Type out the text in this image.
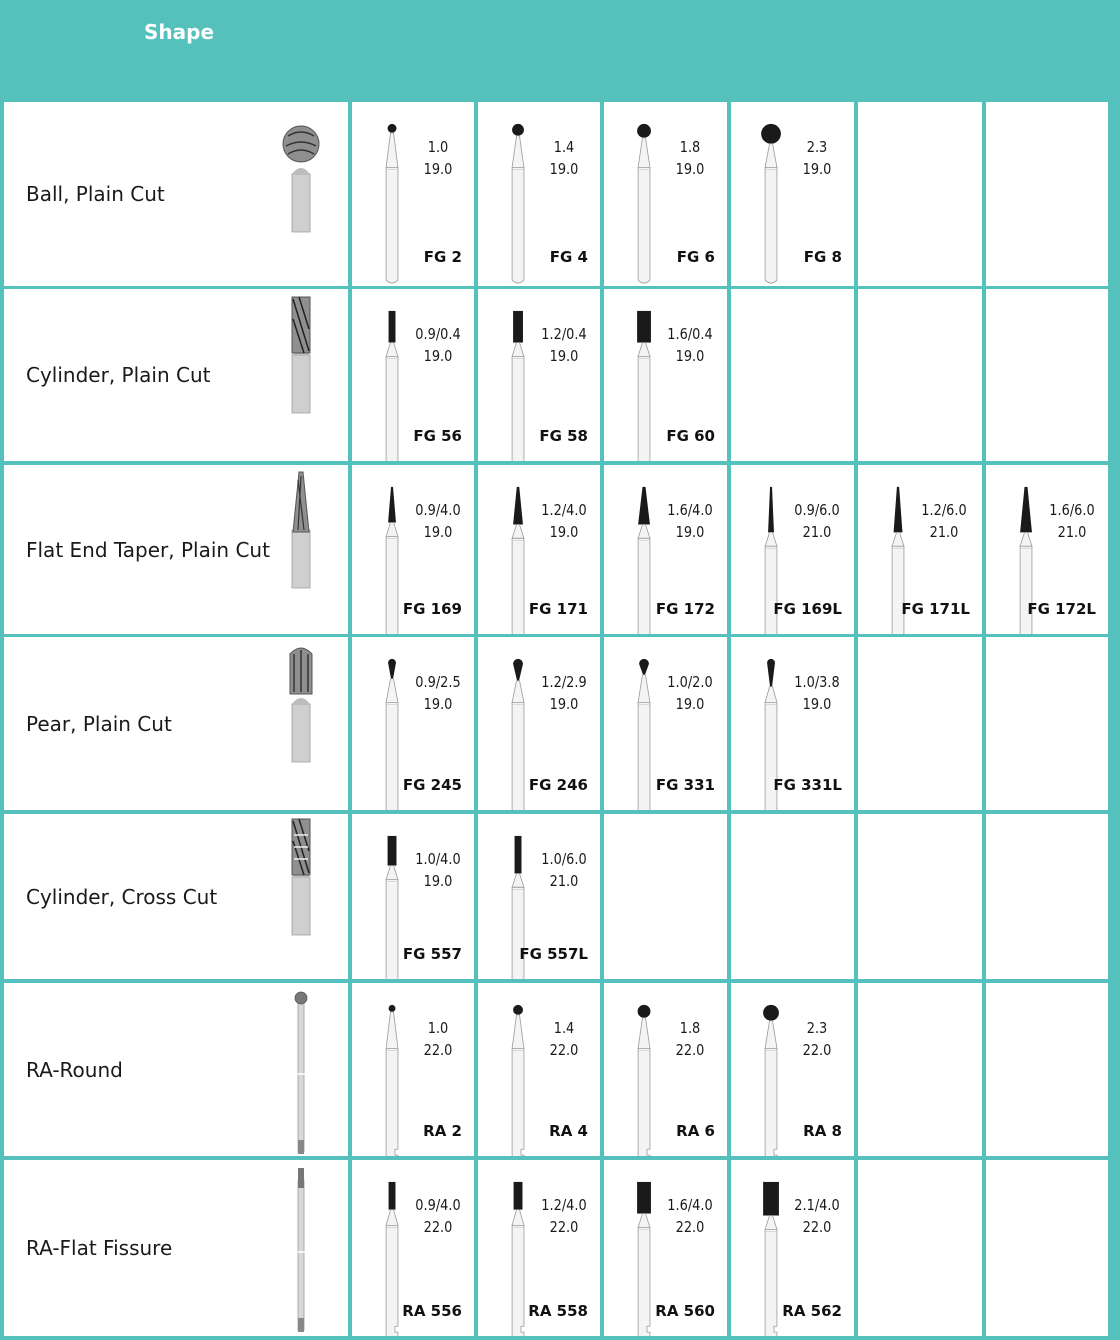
Shape
Ball, Plain Cut
1.0
19.0
FG 2
1.4
19.0
FG 4
1.8
19.0
FG 6
2.3
19.0
FG 8
Cylinder, Plain Cut
0.9/0.4
19.0
FG 56
1.2/0.4
19.0
FG 58
1.6/0.4
19.0
FG 60
Flat End Taper, Plain Cut
0.9/4.0
19.0
FG 169
1.2/4.0
19.0
FG 171
1.6/4.0
19.0
FG 172
0.9/6.0
21.0
FG 169L
1.2/6.0
21.0
FG 171L
1.6/6.0
21.0
FG 172L
Pear, Plain Cut
0.9/2.5
19.0
FG 245
1.2/2.9
19.0
FG 246
1.0/2.0
19.0
FG 331
1.0/3.8
19.0
FG 331L
Cylinder, Cross Cut
1.0/4.0
19.0
FG 557
1.0/6.0
21.0
FG 557L
RA-Round
1.0
22.0
RA 2
1.4
22.0
RA 4
1.8
22.0
RA 6
2.3
22.0
RA 8
RA-Flat Fissure
0.9/4.0
22.0
RA 556
1.2/4.0
22.0
RA 558
1.6/4.0
22.0
RA 560
2.1/4.0
22.0
RA 562
